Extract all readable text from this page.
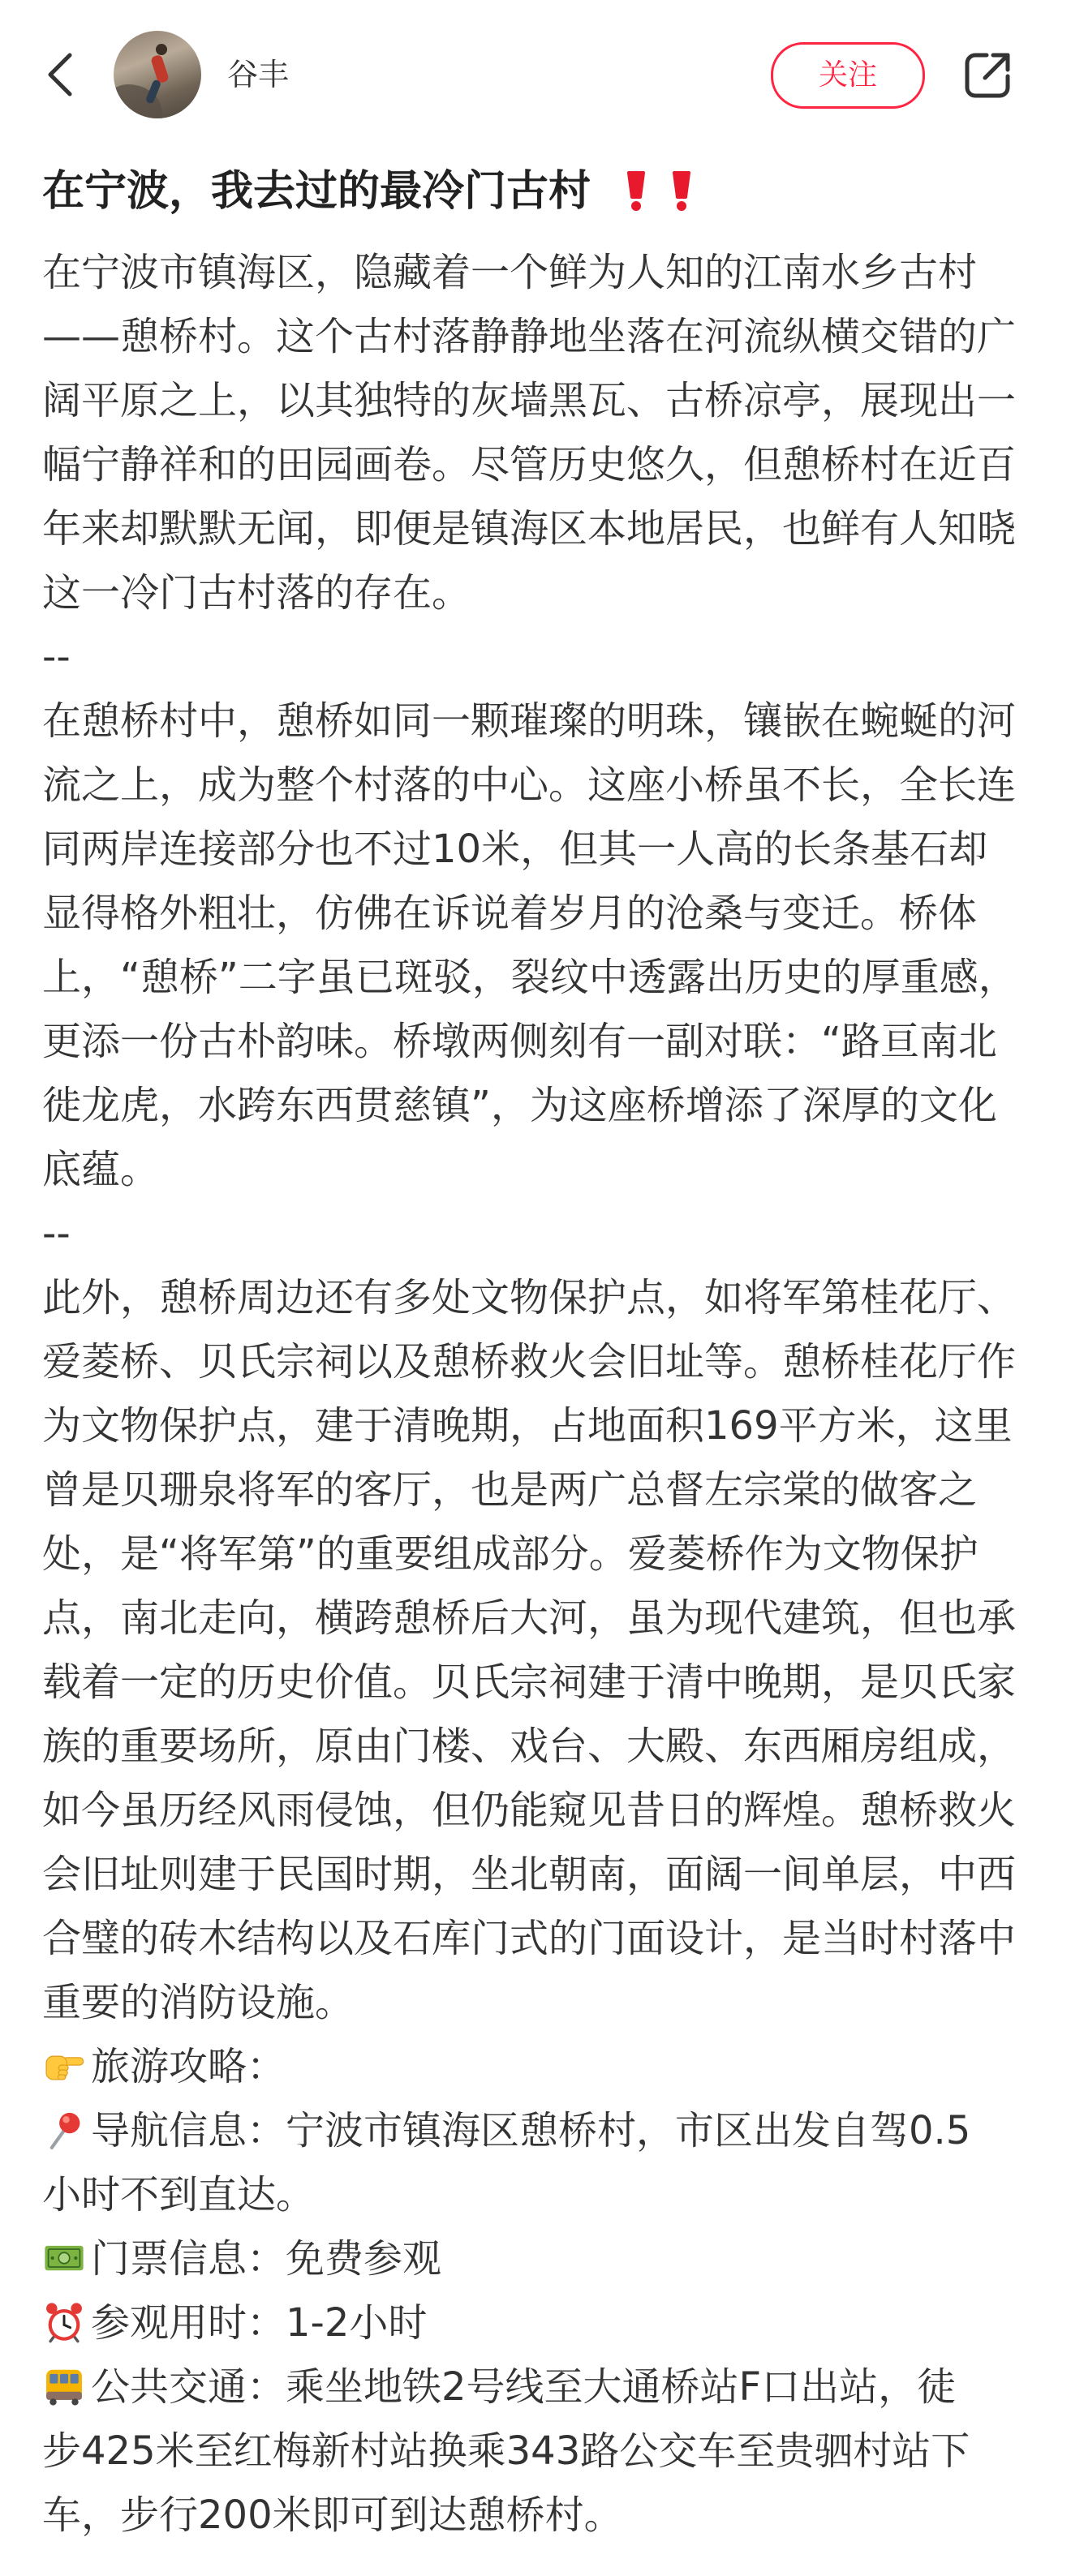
谷丰	关注
在宁波，我去过的最冷门古村
在宁波市镇海区，隐藏着一个鲜为人知的江南水乡古村
——憩桥村。这个古村落静静地坐落在河流纵横交错的广
阔平原之上，以其独特的灰墙黑瓦、古桥凉亭，展现出一
幅宁静祥和的田园画卷。尽管历史悠久，但憩桥村在近百
年来却默默无闻，即便是镇海区本地居民，也鲜有人知晓
这一冷门古村落的存在。
--
在憩桥村中，憩桥如同一颗璀璨的明珠，镶嵌在蜿蜒的河
流之上，成为整个村落的中心。这座小桥虽不长，全长连
同两岸连接部分也不过10米，但其一人高的长条基石却
显得格外粗壮，仿佛在诉说着岁月的沧桑与变迁。桥体
上，“憩桥”二字虽已斑驳，裂纹中透露出历史的厚重感，
更添一份古朴韵味。桥墩两侧刻有一副对联：“路亘南北
徙龙虎，水跨东西贯慈镇”，为这座桥增添了深厚的文化
底蕴。
--
此外，憩桥周边还有多处文物保护点，如将军第桂花厅、
爱菱桥、贝氏宗祠以及憩桥救火会旧址等。憩桥桂花厅作
为文物保护点，建于清晚期，占地面积169平方米，这里
曾是贝珊泉将军的客厅，也是两广总督左宗棠的做客之
处，是“将军第”的重要组成部分。爱菱桥作为文物保护
点，南北走向，横跨憩桥后大河，虽为现代建筑，但也承
载着一定的历史价值。贝氏宗祠建于清中晚期，是贝氏家
族的重要场所，原由门楼、戏台、大殿、东西厢房组成，
如今虽历经风雨侵蚀，但仍能窥见昔日的辉煌。憩桥救火
会旧址则建于民国时期，坐北朝南，面阔一间单层，中西
合璧的砖木结构以及石库门式的门面设计，是当时村落中
重要的消防设施。
旅游攻略：
导航信息：宁波市镇海区憩桥村，市区出发自驾0.5
小时不到直达。
门票信息：免费参观
参观用时：1-2小时
公共交通：乘坐地铁2号线至大通桥站F口出站，徒
步425米至红梅新村站换乘343路公交车至贵驷村站下
车，步行200米即可到达憩桥村。
